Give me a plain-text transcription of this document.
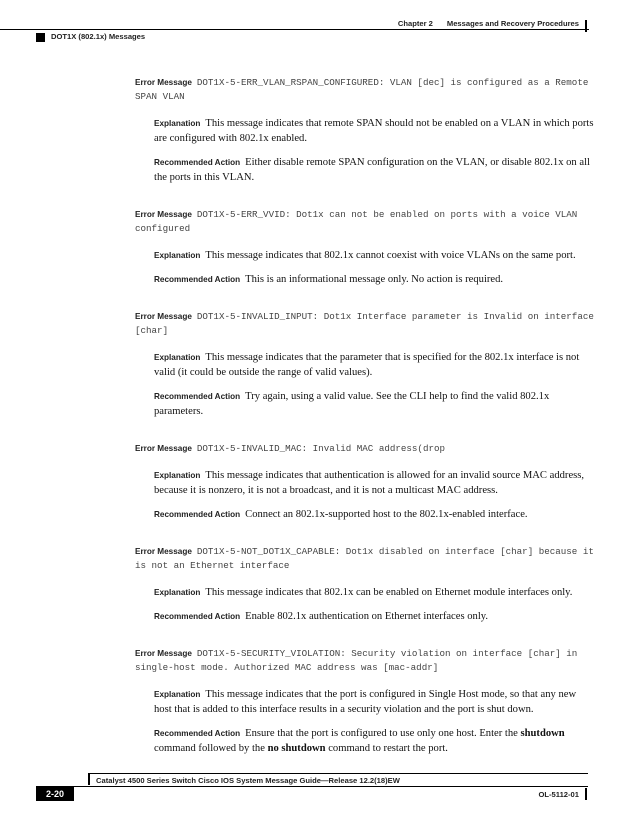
Chapter 2 Messages and Recovery Procedures
DOT1X (802.1x) Messages
Error Message DOT1X-5-ERR_VLAN_RSPAN_CONFIGURED: VLAN [dec] is configured as a Remote SPAN VLAN
Explanation This message indicates that remote SPAN should not be enabled on a VLAN in which ports are configured with 802.1x enabled.
Recommended Action Either disable remote SPAN configuration on the VLAN, or disable 802.1x on all the ports in this VLAN.
Error Message DOT1X-5-ERR_VVID: Dot1x can not be enabled on ports with a voice VLAN configured
Explanation This message indicates that 802.1x cannot coexist with voice VLANs on the same port.
Recommended Action This is an informational message only. No action is required.
Error Message DOT1X-5-INVALID_INPUT: Dot1x Interface parameter is Invalid on interface [char]
Explanation This message indicates that the parameter that is specified for the 802.1x interface is not valid (it could be outside the range of valid values).
Recommended Action Try again, using a valid value. See the CLI help to find the valid 802.1x parameters.
Error Message DOT1X-5-INVALID_MAC: Invalid MAC address(drop
Explanation This message indicates that authentication is allowed for an invalid source MAC address, because it is nonzero, it is not a broadcast, and it is not a multicast MAC address.
Recommended Action Connect an 802.1x-supported host to the 802.1x-enabled interface.
Error Message DOT1X-5-NOT_DOT1X_CAPABLE: Dot1x disabled on interface [char] because it is not an Ethernet interface
Explanation This message indicates that 802.1x can be enabled on Ethernet module interfaces only.
Recommended Action Enable 802.1x authentication on Ethernet interfaces only.
Error Message DOT1X-5-SECURITY_VIOLATION: Security violation on interface [char] in single-host mode. Authorized MAC address was [mac-addr]
Explanation This message indicates that the port is configured in Single Host mode, so that any new host that is added to this interface results in a security violation and the port is shut down.
Recommended Action Ensure that the port is configured to use only one host. Enter the shutdown command followed by the no shutdown command to restart the port.
Catalyst 4500 Series Switch Cisco IOS System Message Guide—Release 12.2(18)EW
2-20	OL-5112-01
